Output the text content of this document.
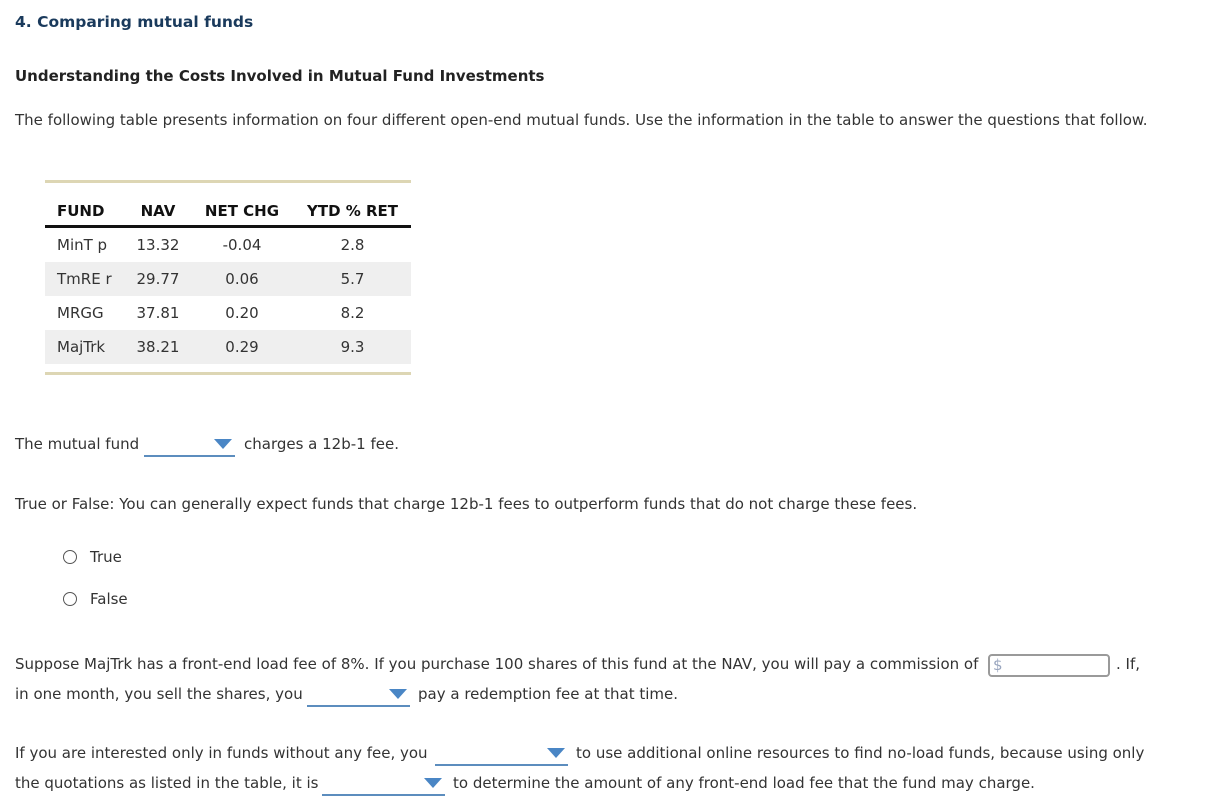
4. Comparing mutual funds
Understanding the Costs Involved in Mutual Fund Investments
The following table presents information on four different open-end mutual funds. Use the information in the table to answer the questions that follow.

FUND	NAV	NET CHG	YTD % RET
MinT p	13.32	-0.04	2.8
TmRE r	29.77	0.06	5.7
MRGG	37.81	0.20	8.2
MajTrk	38.21	0.29	9.3

The mutual fund	charges a 12b-1 fee.
True or False: You can generally expect funds that charge 12b-1 fees to outperform funds that do not charge these fees.
True
False
Suppose MajTrk has a front-end load fee of 8%. If you purchase 100 shares of this fund at the NAV, you will pay a commission of $	. If,
in one month, you sell the shares, you	pay a redemption fee at that time.
If you are interested only in funds without any fee, you	to use additional online resources to find no-load funds, because using only
the quotations as listed in the table, it is	to determine the amount of any front-end load fee that the fund may charge.
